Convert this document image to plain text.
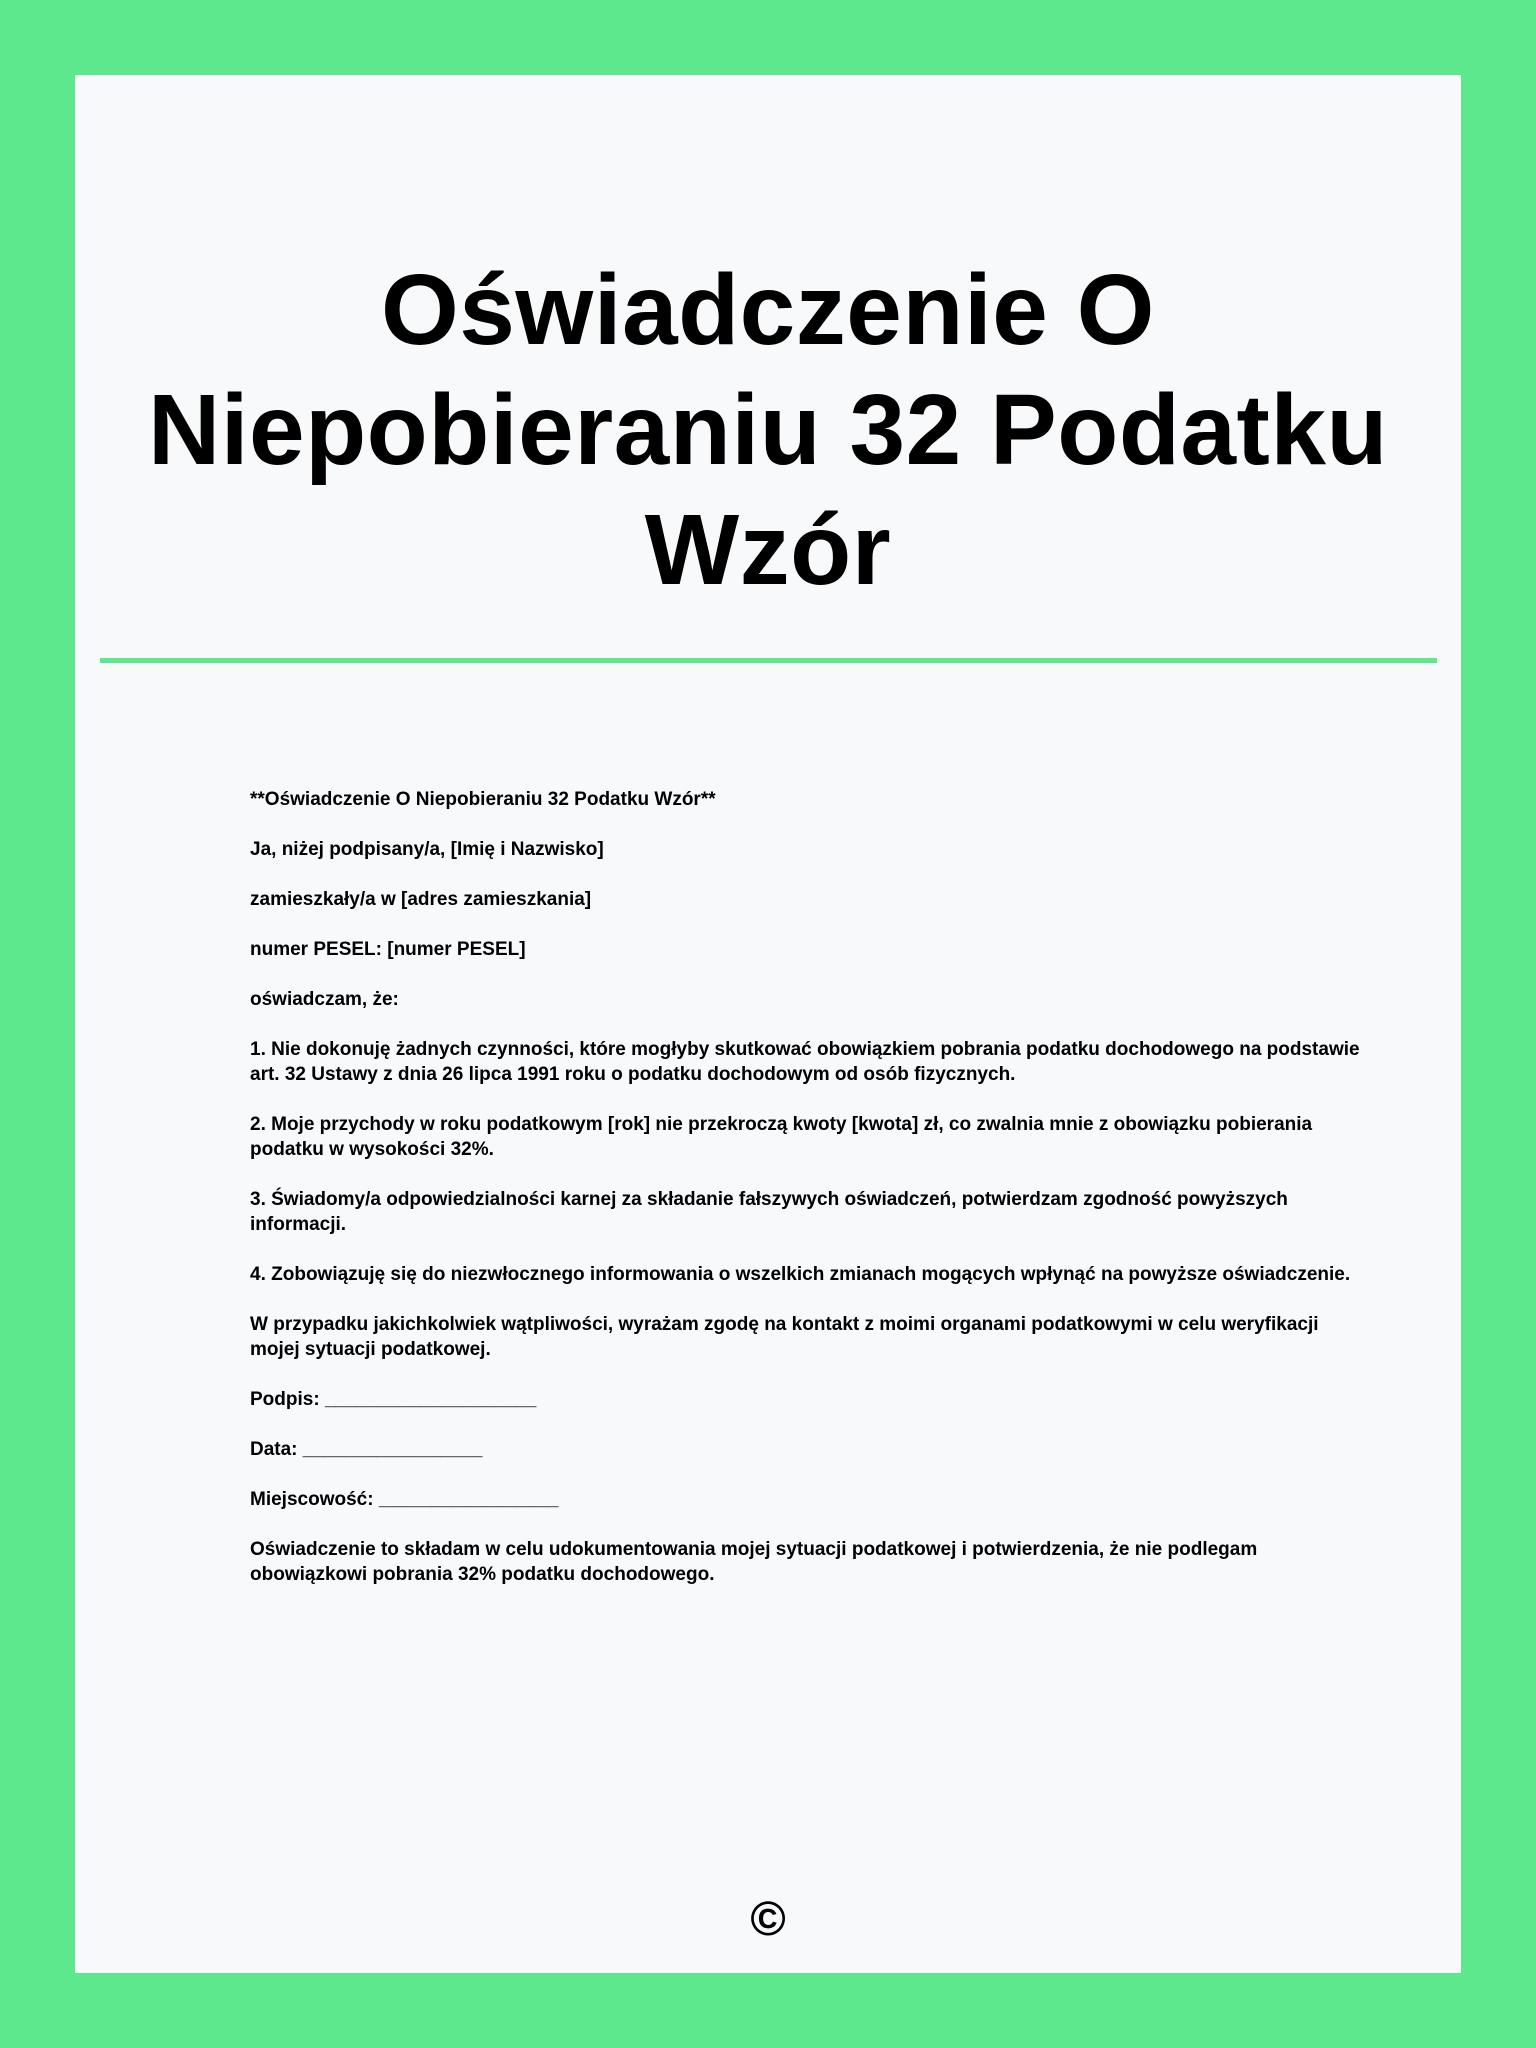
Oświadczenie O
Niepobieraniu 32 Podatku
Wzór

**Oświadczenie O Niepobieraniu 32 Podatku Wzór**

Ja, niżej podpisany/a, [Imię i Nazwisko]

zamieszkały/a w [adres zamieszkania]

numer PESEL: [numer PESEL]

oświadczam, że:

1. Nie dokonuję żadnych czynności, które mogłyby skutkować obowiązkiem pobrania podatku dochodowego na podstawie art. 32 Ustawy z dnia 26 lipca 1991 roku o podatku dochodowym od osób fizycznych.

2. Moje przychody w roku podatkowym [rok] nie przekroczą kwoty [kwota] zł, co zwalnia mnie z obowiązku pobierania podatku w wysokości 32%.

3. Świadomy/a odpowiedzialności karnej za składanie fałszywych oświadczeń, potwierdzam zgodność powyższych informacji.

4. Zobowiązuję się do niezwłocznego informowania o wszelkich zmianach mogących wpłynąć na powyższe oświadczenie.

W przypadku jakichkolwiek wątpliwości, wyrażam zgodę na kontakt z moimi organami podatkowymi w celu weryfikacji mojej sytuacji podatkowej.

Podpis: ____________________

Data: _________________

Miejscowość: _________________

Oświadczenie to składam w celu udokumentowania mojej sytuacji podatkowej i potwierdzenia, że nie podlegam obowiązkowi pobrania 32% podatku dochodowego.

©
